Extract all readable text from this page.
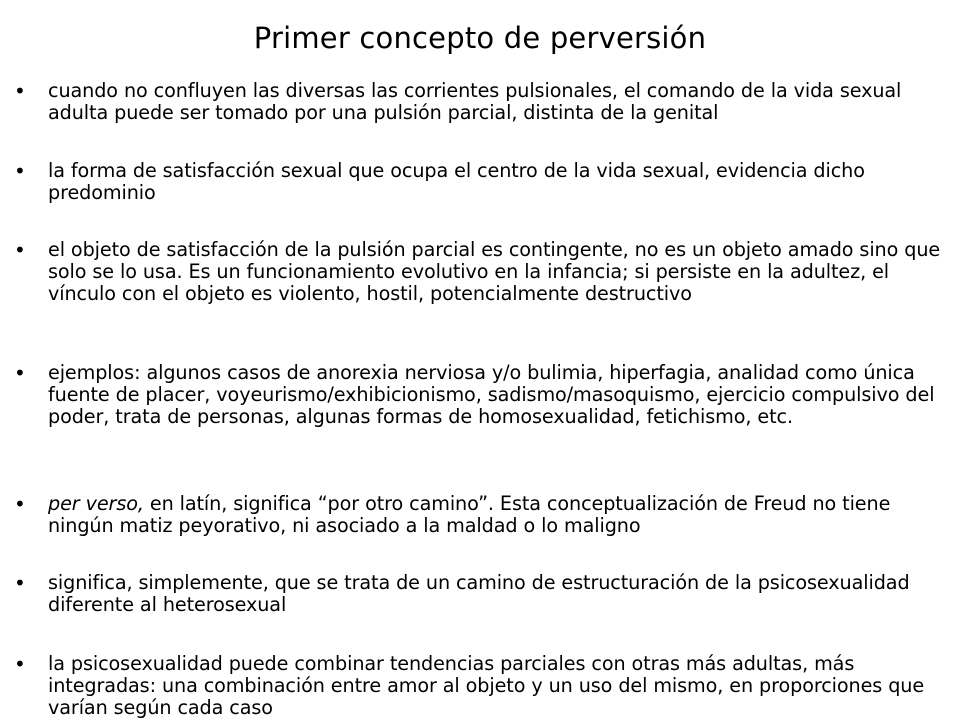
Primer concepto de perversión
•	cuando no confluyen las diversas las corrientes pulsionales, el comando de la vida sexual adulta puede ser tomado por una pulsión parcial, distinta de la genital
•	la forma de satisfacción sexual que ocupa el centro de la vida sexual, evidencia dicho predominio
•	el objeto de satisfacción de la pulsión parcial es contingente, no es un objeto amado sino que solo se lo usa. Es un funcionamiento evolutivo en la infancia; si persiste en la adultez, el vínculo con el objeto es violento, hostil, potencialmente destructivo
•	ejemplos: algunos casos de anorexia nerviosa y/o bulimia, hiperfagia, analidad como única fuente de placer, voyeurismo/exhibicionismo, sadismo/masoquismo, ejercicio compulsivo del poder, trata de personas, algunas formas de homosexualidad, fetichismo, etc.
•	per verso, en latín, significa “por otro camino”. Esta conceptualización de Freud no tiene ningún matiz peyorativo, ni asociado a la maldad o lo maligno
•	significa, simplemente, que se trata de un camino de estructuración de la psicosexualidad diferente al heterosexual
•	la psicosexualidad puede combinar tendencias parciales con otras más adultas, más integradas: una combinación entre amor al objeto y un uso del mismo, en proporciones que varían según cada caso
